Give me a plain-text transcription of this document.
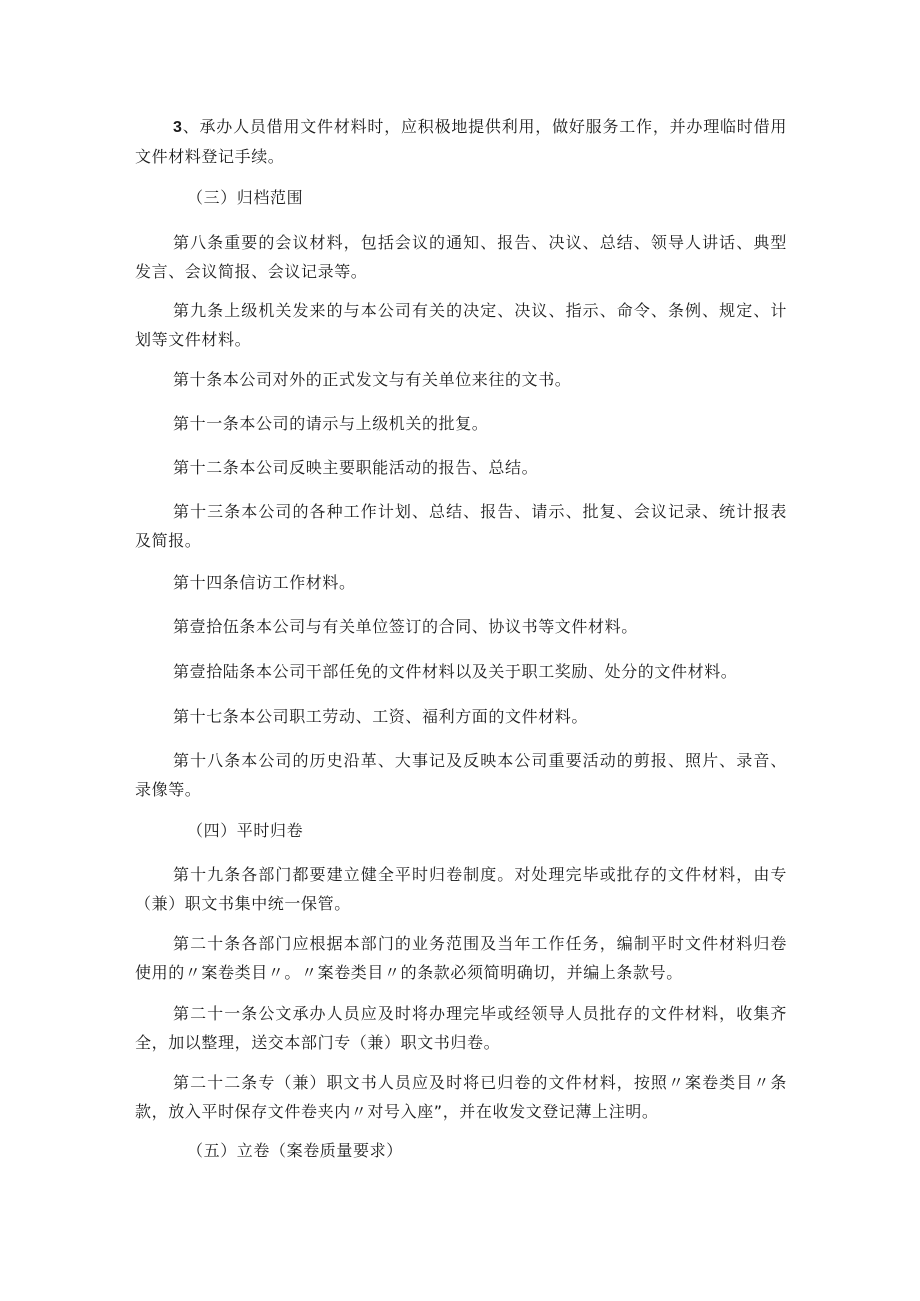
3、承办人员借用文件材料时，应积极地提供利用，做好服务工作，并办理临时借用文件材料登记手续。

（三）归档范围

第八条重要的会议材料，包括会议的通知、报告、决议、总结、领导人讲话、典型发言、会议简报、会议记录等。

第九条上级机关发来的与本公司有关的决定、决议、指示、命令、条例、规定、计划等文件材料。

第十条本公司对外的正式发文与有关单位来往的文书。

第十一条本公司的请示与上级机关的批复。

第十二条本公司反映主要职能活动的报告、总结。

第十三条本公司的各种工作计划、总结、报告、请示、批复、会议记录、统计报表及简报。

第十四条信访工作材料。

第壹拾伍条本公司与有关单位签订的合同、协议书等文件材料。

第壹拾陆条本公司干部任免的文件材料以及关于职工奖励、处分的文件材料。

第十七条本公司职工劳动、工资、福利方面的文件材料。

第十八条本公司的历史沿革、大事记及反映本公司重要活动的剪报、照片、录音、录像等。

（四）平时归卷

第十九条各部门都要建立健全平时归卷制度。对处理完毕或批存的文件材料，由专（兼）职文书集中统一保管。

第二十条各部门应根据本部门的业务范围及当年工作任务，编制平时文件材料归卷使用的〃案卷类目〃。〃案卷类目〃的条款必须简明确切，并编上条款号。

第二十一条公文承办人员应及时将办理完毕或经领导人员批存的文件材料，收集齐全，加以整理，送交本部门专（兼）职文书归卷。

第二十二条专（兼）职文书人员应及时将已归卷的文件材料，按照〃案卷类目〃条款，放入平时保存文件卷夹内〃对号入座”，并在收发文登记薄上注明。

（五）立卷（案卷质量要求）
